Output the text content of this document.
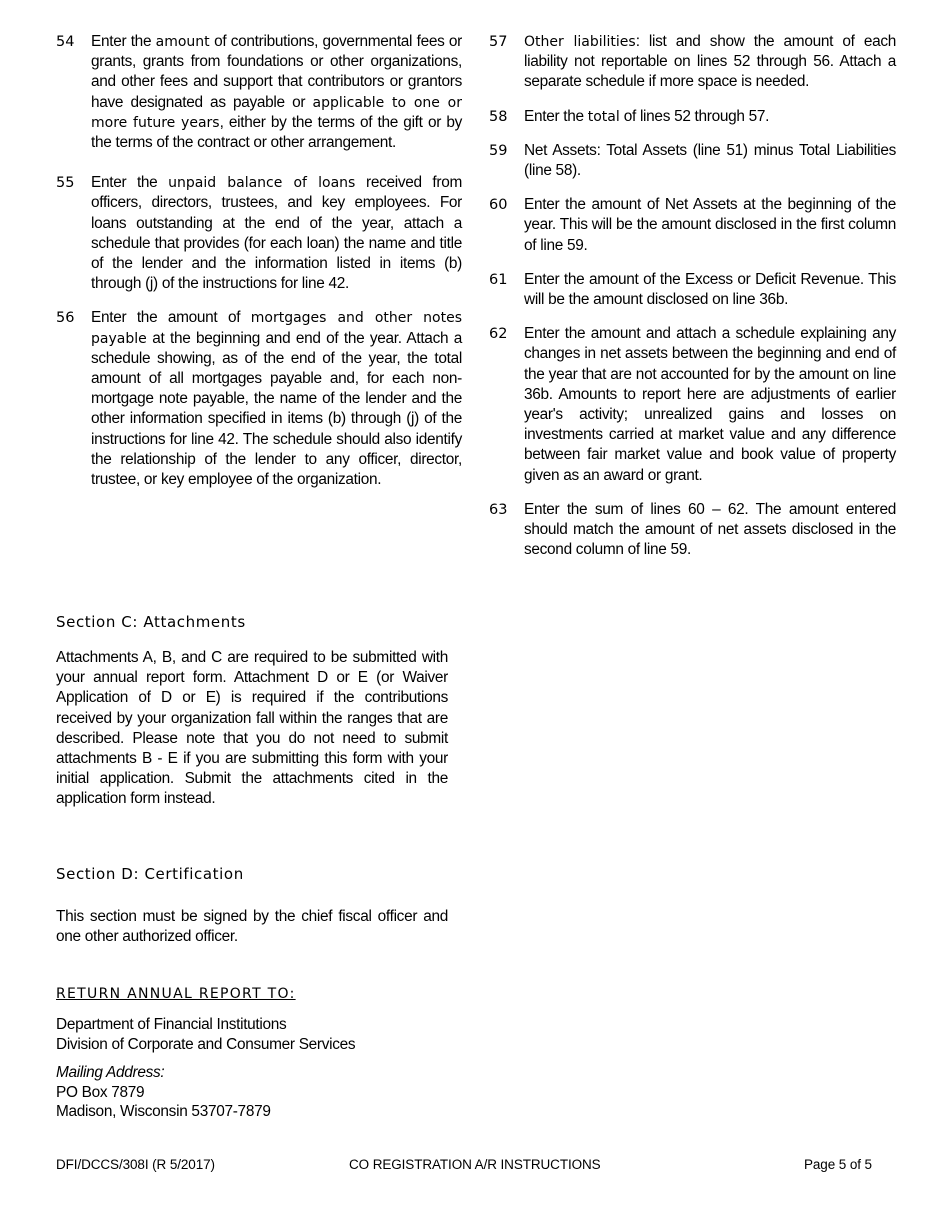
54	Enter the amount of contributions, governmental fees or grants, grants from foundations or other organizations, and other fees and support that contributors or grantors have designated as payable or applicable to one or more future years, either by the terms of the gift or by the terms of the contract or other arrangement.
55	Enter the unpaid balance of loans received from officers, directors, trustees, and key employees. For loans outstanding at the end of the year, attach a schedule that provides (for each loan) the name and title of the lender and the information listed in items (b) through (j) of the instructions for line 42.
56	Enter the amount of mortgages and other notes payable at the beginning and end of the year. Attach a schedule showing, as of the end of the year, the total amount of all mortgages payable and, for each non-mortgage note payable, the name of the lender and the other information specified in items (b) through (j) of the instructions for line 42. The schedule should also identify the relationship of the lender to any officer, director, trustee, or key employee of the organization.
57	Other liabilities: list and show the amount of each liability not reportable on lines 52 through 56. Attach a separate schedule if more space is needed.
58	Enter the total of lines 52 through 57.
59	Net Assets: Total Assets (line 51) minus Total Liabilities (line 58).
60	Enter the amount of Net Assets at the beginning of the year. This will be the amount disclosed in the first column of line 59.
61	Enter the amount of the Excess or Deficit Revenue. This will be the amount disclosed on line 36b.
62	Enter the amount and attach a schedule explaining any changes in net assets between the beginning and end of the year that are not accounted for by the amount on line 36b. Amounts to report here are adjustments of earlier year's activity; unrealized gains and losses on investments carried at market value and any difference between fair market value and book value of property given as an award or grant.
63	Enter the sum of lines 60 – 62. The amount entered should match the amount of net assets disclosed in the second column of line 59.
Section C: Attachments
Attachments A, B, and C are required to be submitted with your annual report form. Attachment D or E (or Waiver Application of D or E) is required if the contributions received by your organization fall within the ranges that are described. Please note that you do not need to submit attachments B - E if you are submitting this form with your initial application. Submit the attachments cited in the application form instead.
Section D: Certification
This section must be signed by the chief fiscal officer and one other authorized officer.
RETURN ANNUAL REPORT TO:
Department of Financial Institutions
Division of Corporate and Consumer Services
Mailing Address:
PO Box 7879
Madison, Wisconsin 53707-7879
DFI/DCCS/308I (R 5/2017)	CO REGISTRATION A/R INSTRUCTIONS	Page 5 of 5
